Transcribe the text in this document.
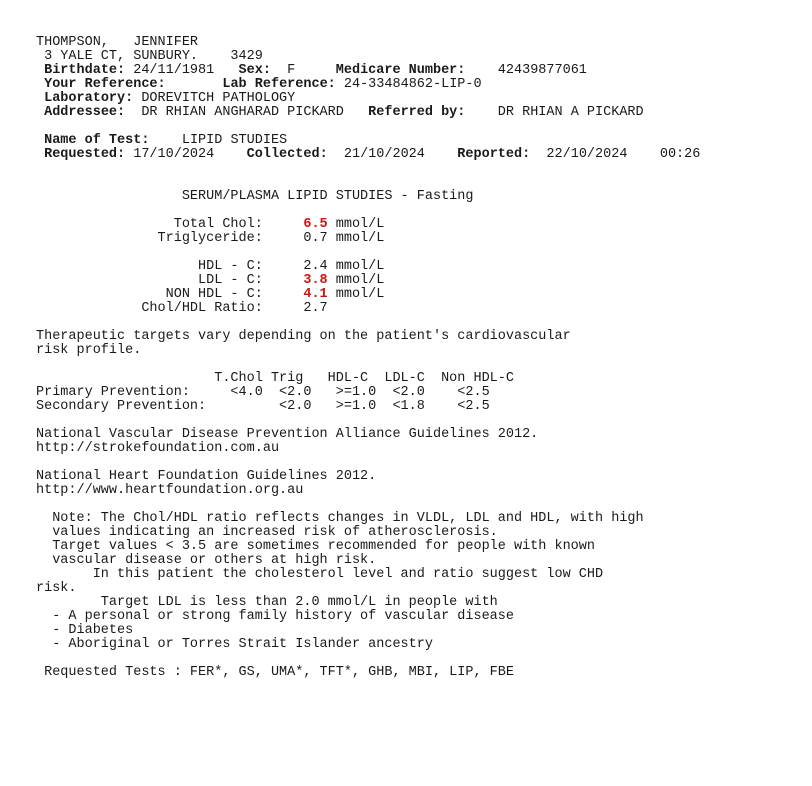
THOMPSON,   JENNIFER
3 YALE CT, SUNBURY.    3429
Birthdate: 24/11/1981   Sex:  F     Medicare Number:    42439877061
Your Reference:	Lab Reference: 24-33484862-LIP-0
Laboratory: DOREVITCH PATHOLOGY
Addressee:  DR RHIAN ANGHARAD PICKARD   Referred by:    DR RHIAN A PICKARD
Name of Test:    LIPID STUDIES
Requested: 17/10/2024    Collected:  21/10/2024    Reported:  22/10/2024    00:26
SERUM/PLASMA LIPID STUDIES - Fasting
Total Chol:     6.5 mmol/L
Triglyceride:     0.7 mmol/L
HDL - C:     2.4 mmol/L
LDL - C:     3.8 mmol/L
NON HDL - C:     4.1 mmol/L
Chol/HDL Ratio:     2.7
Therapeutic targets vary depending on the patient's cardiovascular
risk profile.
T.Chol Trig   HDL-C  LDL-C  Non HDL-C
Primary Prevention:     <4.0  <2.0   >=1.0  <2.0    <2.5
Secondary Prevention:         <2.0   >=1.0  <1.8    <2.5
National Vascular Disease Prevention Alliance Guidelines 2012.
http://strokefoundation.com.au
National Heart Foundation Guidelines 2012.
http://www.heartfoundation.org.au
Note: The Chol/HDL ratio reflects changes in VLDL, LDL and HDL, with high
values indicating an increased risk of atherosclerosis.
Target values < 3.5 are sometimes recommended for people with known
vascular disease or others at high risk.
In this patient the cholesterol level and ratio suggest low CHD
risk.
Target LDL is less than 2.0 mmol/L in people with
- A personal or strong family history of vascular disease
- Diabetes
- Aboriginal or Torres Strait Islander ancestry
Requested Tests : FER*, GS, UMA*, TFT*, GHB, MBI, LIP, FBE
